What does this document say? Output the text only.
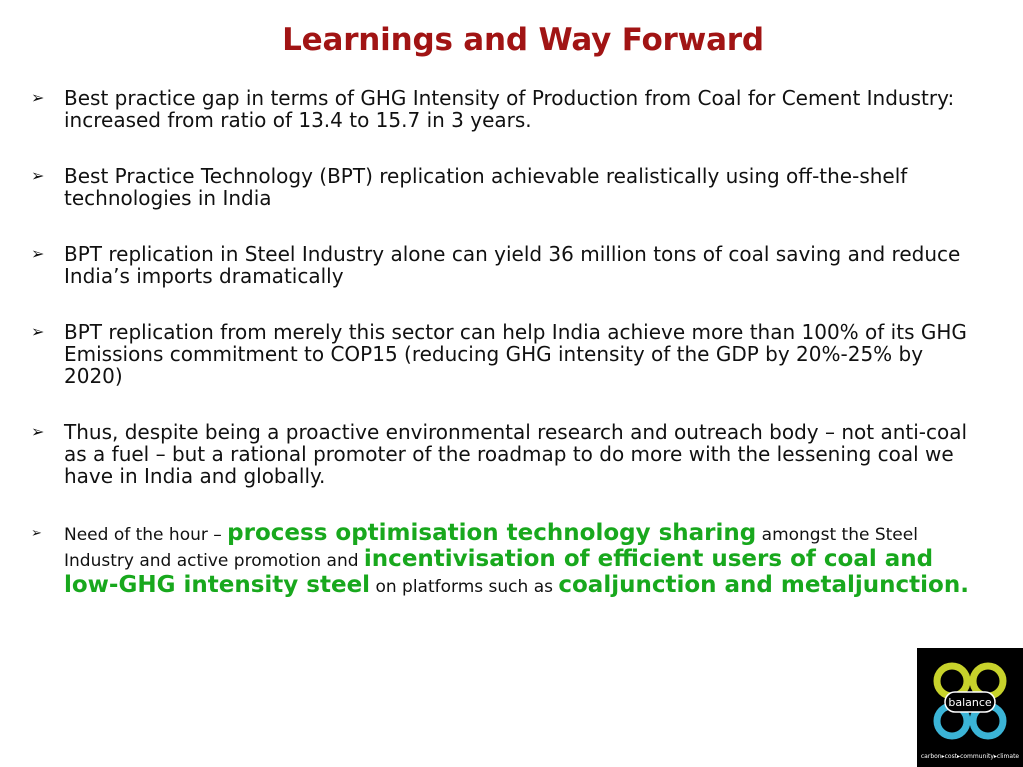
Learnings and Way Forward
➢ Best practice gap in terms of GHG Intensity of Production from Coal for Cement Industry: increased from ratio of 13.4 to 15.7 in 3 years.
➢ Best Practice Technology (BPT) replication achievable realistically using off-the-shelf technologies in India
➢ BPT replication in Steel Industry alone can yield 36 million tons of coal saving and reduce India’s imports dramatically
➢ BPT replication from merely this sector can help India achieve more than 100% of its GHG Emissions commitment to COP15 (reducing GHG intensity of the GDP by 20%-25% by 2020)
➢ Thus, despite being a proactive environmental research and outreach body – not anti-coal as a fuel – but a rational promoter of the roadmap to do more with the lessening coal we have in India and globally.
➢ Need of the hour – process optimisation technology sharing amongst the Steel Industry and active promotion and incentivisation of efficient users of coal and low-GHG intensity steel on platforms such as coaljunction and metaljunction.
balance
carbon▸cost▸community▸climate
